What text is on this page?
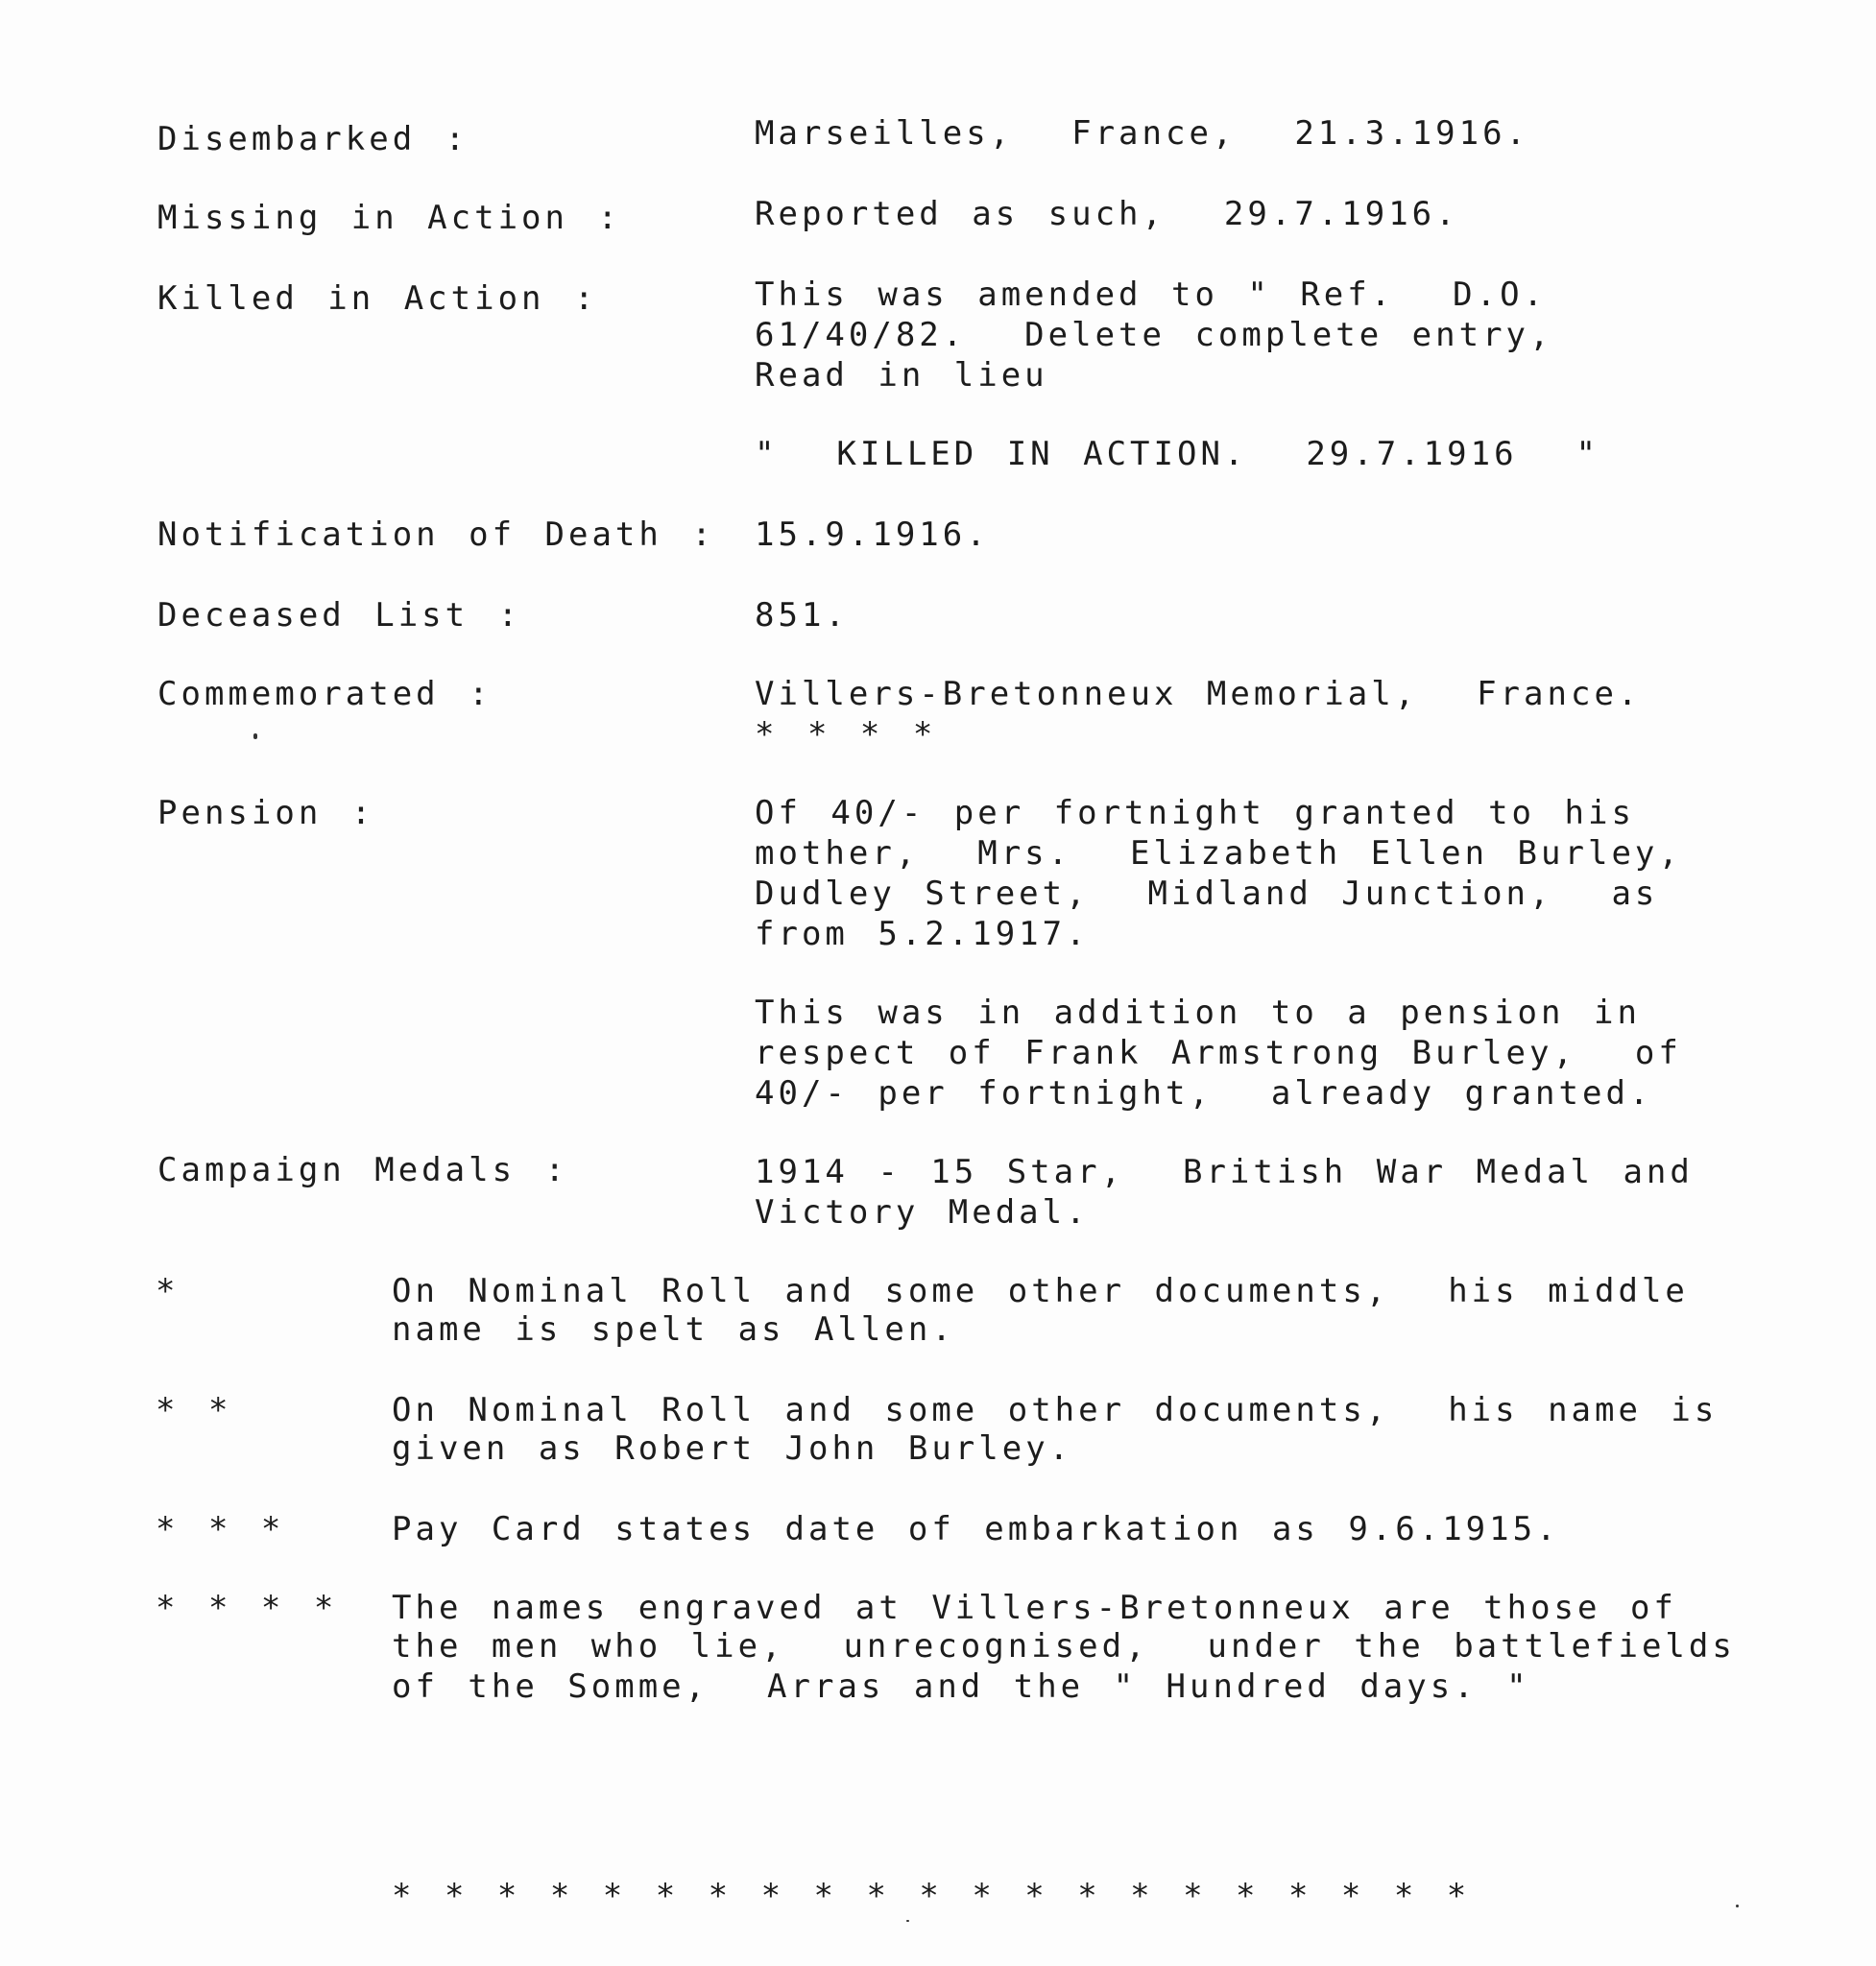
Disembarked :	Marseilles,  France,  21.3.1916.
Missing in Action :	Reported as such,  29.7.1916.
Killed in Action :	This was amended to " Ref.  D.O.
61/40/82.  Delete complete entry,
Read in lieu
"  KILLED IN ACTION.  29.7.1916  "
Notification of Death : 15.9.1916.
Deceased List :	851.
Commemorated :	Villers-Bretonneux Memorial,  France.
* * * *
Pension :	Of 40/- per fortnight granted to his
mother,  Mrs.  Elizabeth Ellen Burley,
Dudley Street,  Midland Junction,  as
from 5.2.1917.
This was in addition to a pension in
respect of Frank Armstrong Burley,  of
40/- per fortnight,  already granted.
Campaign Medals :	1914 - 15 Star,  British War Medal and
Victory Medal.
*	On Nominal Roll and some other documents,  his middle
name is spelt as Allen.
* *	On Nominal Roll and some other documents,  his name is
given as Robert John Burley.
* * *	Pay Card states date of embarkation as 9.6.1915.
* * * * The names engraved at Villers-Bretonneux are those of
the men who lie,  unrecognised,  under the battlefields
of the Somme,  Arras and the " Hundred days. "
* * * * * * * * * * * * * * * * * * * * *
